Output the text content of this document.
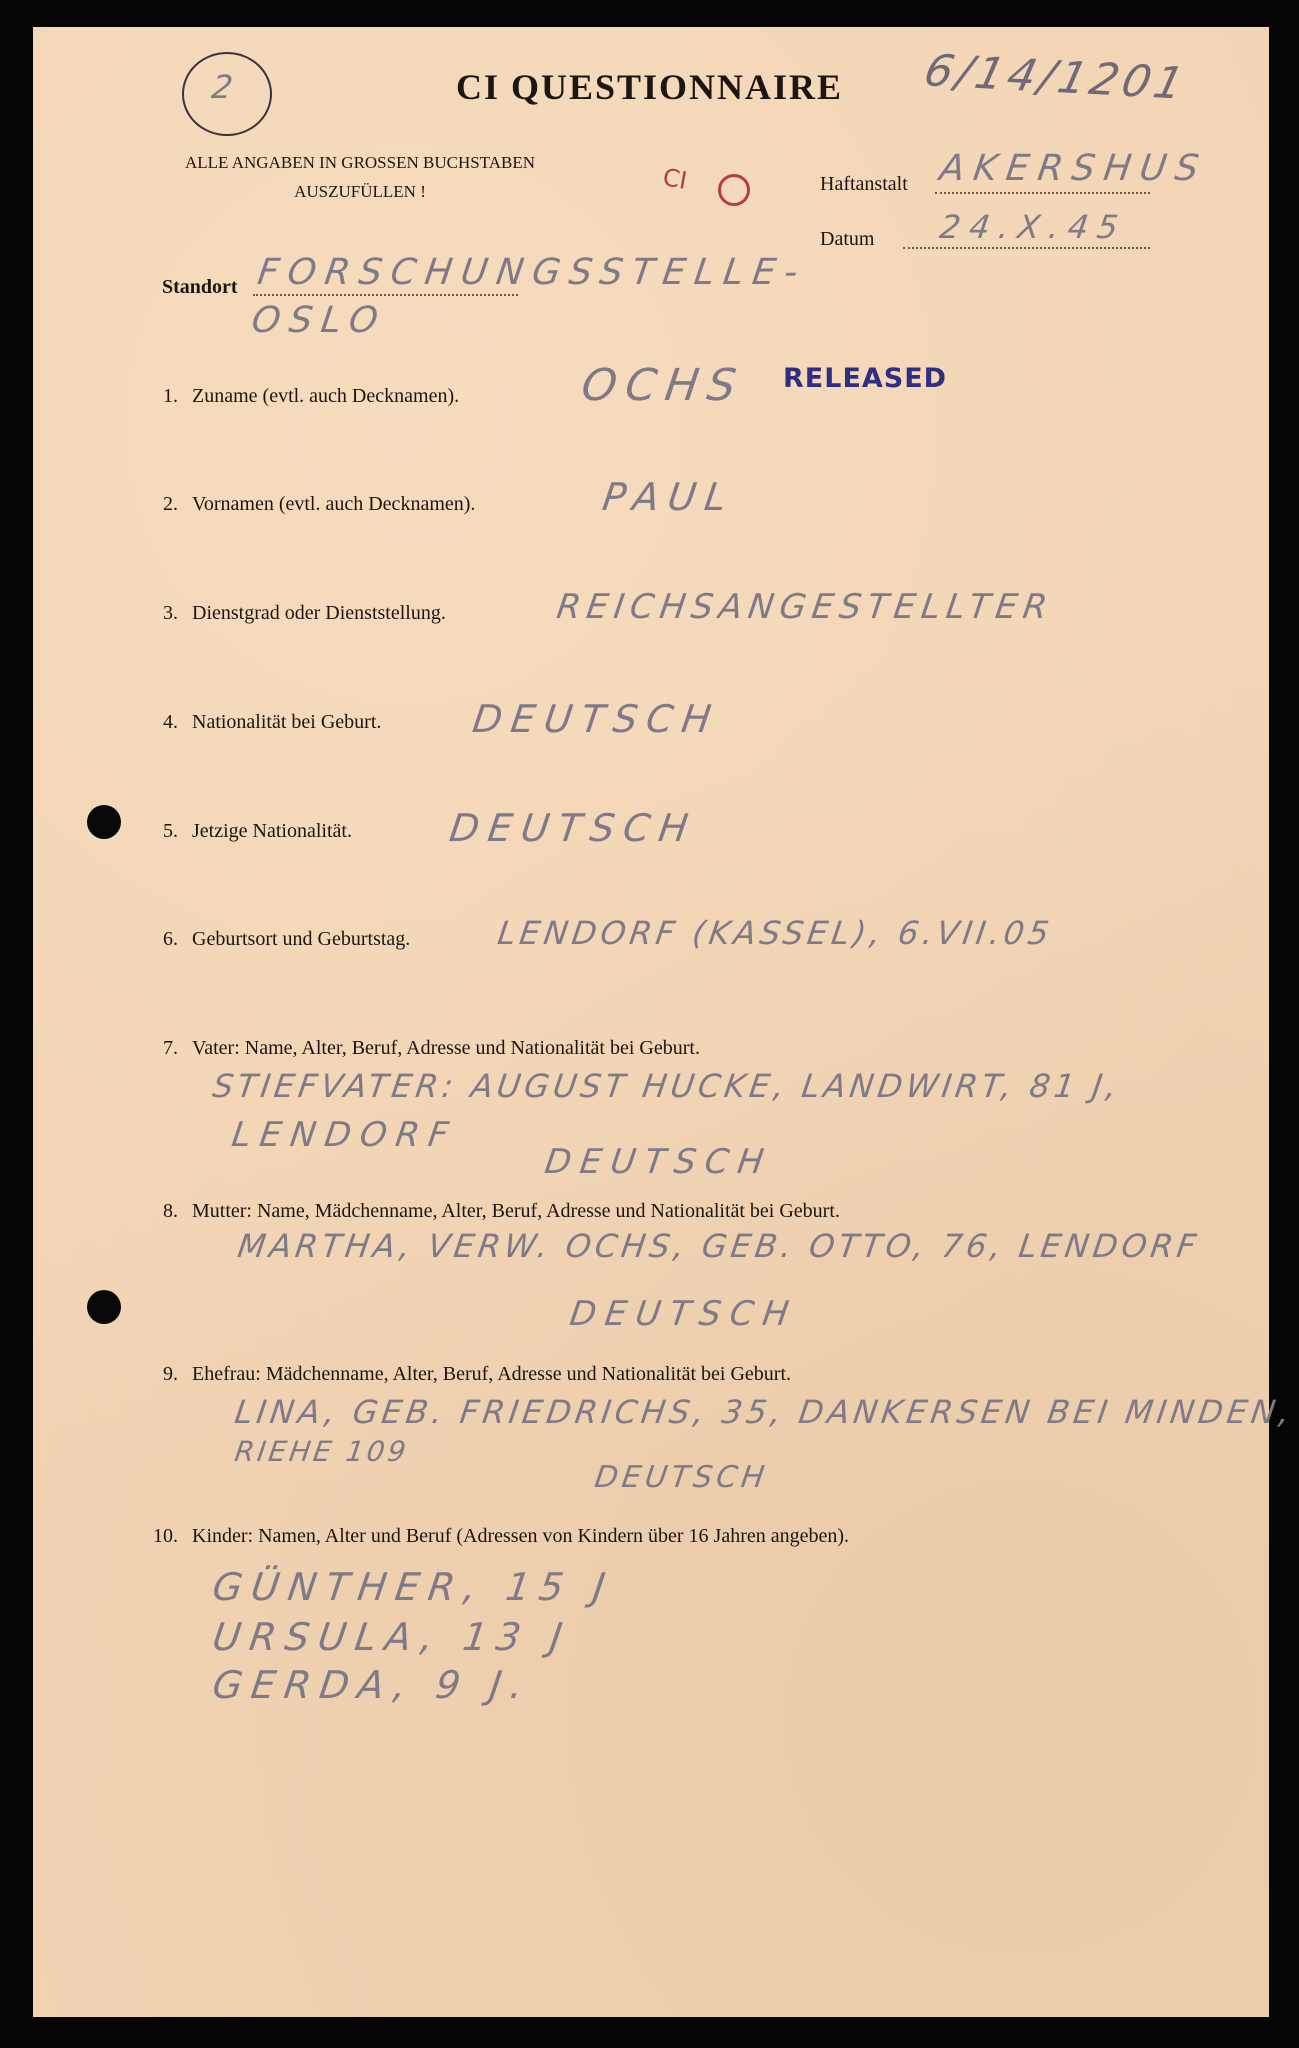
2	CI QUESTIONNAIRE	6/14/1201
ALLE ANGABEN IN GROSSEN BUCHSTABEN
AUSZUFÜLLEN !	CI	Haftanstalt AKERSHUS
Datum 24.X.45
Standort FORSCHUNGSSTELLE-
OSLO
RELEASED
1. Zuname (evtl. auch Decknamen).	OCHS
2. Vornamen (evtl. auch Decknamen).	PAUL
3. Dienstgrad oder Dienststellung.	REICHSANGESTELLTER
4. Nationalität bei Geburt. DEUTSCH
5. Jetzige Nationalität. DEUTSCH
6. Geburtsort und Geburtstag.	LENDORF (KASSEL), 6.VII.05
7. Vater: Name, Alter, Beruf, Adresse und Nationalität bei Geburt.
STIEFVATER: AUGUST HUCKE, LANDWIRT, 81 J,
LENDORF
DEUTSCH
8. Mutter: Name, Mädchenname, Alter, Beruf, Adresse und Nationalität bei Geburt.
MARTHA, VERW. OCHS, GEB. OTTO, 76, LENDORF
DEUTSCH
9. Ehefrau: Mädchenname, Alter, Beruf, Adresse und Nationalität bei Geburt.
LINA, GEB. FRIEDRICHS, 35, DANKERSEN BEI MINDEN,
RIEHE 109
DEUTSCH
10. Kinder: Namen, Alter und Beruf (Adressen von Kindern über 16 Jahren angeben).
GÜNTHER, 15 J
URSULA, 13 J
GERDA, 9 J.
